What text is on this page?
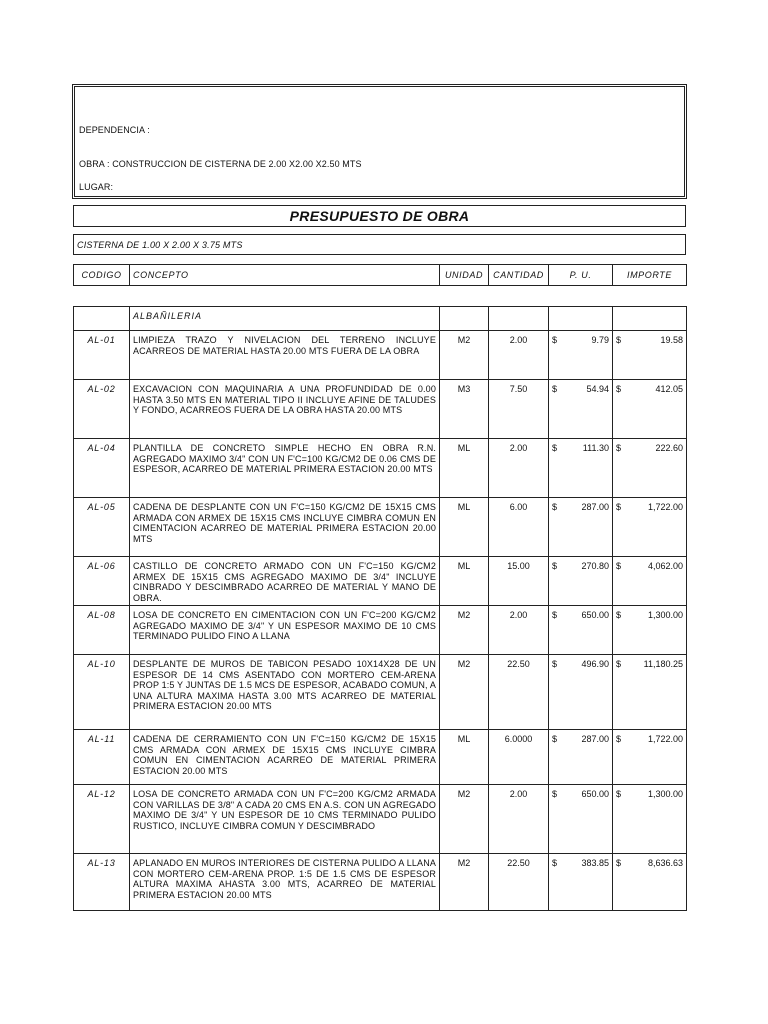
DEPENDENCIA :
OBRA : CONSTRUCCION DE CISTERNA DE 2.00 X2.00 X2.50 MTS
LUGAR:
PRESUPUESTO DE OBRA
CISTERNA DE 1.00 X 2.00 X 3.75 MTS
CODIGO	CONCEPTO	UNIDAD	CANTIDAD	P. U.	IMPORTE
	ALBAÑILERIA				
AL-01	LIMPIEZA TRAZO Y NIVELACION DEL TERRENO INCLUYE ACARREOS DE MATERIAL HASTA 20.00 MTS FUERA DE LA OBRA	M2	2.00	$ 9.79	$ 19.58

AL-02	EXCAVACION CON MAQUINARIA A UNA PROFUNDIDAD DE 0.00 HASTA 3.50 MTS EN MATERIAL TIPO II INCLUYE AFINE DE TALUDES Y FONDO, ACARREOS FUERA DE LA OBRA HASTA 20.00 MTS	M3	7.50	$ 54.94	$ 412.05

AL-04	PLANTILLA DE CONCRETO SIMPLE HECHO EN OBRA R.N. AGREGADO MAXIMO 3/4" CON UN F'C=100 KG/CM2 DE 0.06 CMS DE ESPESOR, ACARREO DE MATERIAL PRIMERA ESTACION 20.00 MTS	ML	2.00	$ 111.30	$ 222.60

AL-05	CADENA DE DESPLANTE CON UN F'C=150 KG/CM2 DE 15X15 CMS ARMADA CON ARMEX DE 15X15 CMS INCLUYE CIMBRA COMUN EN CIMENTACION ACARREO DE MATERIAL PRIMERA ESTACION 20.00 MTS	ML	6.00	$ 287.00	$ 1,722.00

AL-06	CASTILLO DE CONCRETO ARMADO CON UN F'C=150 KG/CM2 ARMEX DE 15X15 CMS AGREGADO MAXIMO DE 3/4" INCLUYE CINBRADO Y DESCIMBRADO ACARREO DE MATERIAL Y MANO DE OBRA.	ML	15.00	$ 270.80	$ 4,062.00

AL-08	LOSA DE CONCRETO EN CIMENTACION CON UN F'C=200 KG/CM2 AGREGADO MAXIMO DE 3/4" Y UN ESPESOR MAXIMO DE 10 CMS TERMINADO PULIDO FINO A LLANA	M2	2.00	$ 650.00	$ 1,300.00

AL-10	DESPLANTE DE MUROS DE TABICON PESADO 10X14X28 DE UN ESPESOR DE 14 CMS ASENTADO CON MORTERO CEM-ARENA PROP 1:5 Y JUNTAS DE 1.5 MCS DE ESPESOR, ACABADO COMUN, A UNA ALTURA MAXIMA HASTA 3.00 MTS ACARREO DE MATERIAL PRIMERA ESTACION 20.00 MTS	M2	22.50	$ 496.90	$ 11,180.25

AL-11	CADENA DE CERRAMIENTO CON UN F'C=150 KG/CM2 DE 15X15 CMS ARMADA CON ARMEX DE 15X15 CMS INCLUYE CIMBRA COMUN EN CIMENTACION ACARREO DE MATERIAL PRIMERA ESTACION 20.00 MTS	ML	6.0000	$ 287.00	$ 1,722.00

AL-12	LOSA DE CONCRETO ARMADA CON UN F'C=200 KG/CM2 ARMADA CON VARILLAS DE 3/8" A CADA 20 CMS EN A.S. CON UN AGREGADO MAXIMO DE 3/4" Y UN ESPESOR DE 10 CMS TERMINADO PULIDO RUSTICO, INCLUYE CIMBRA COMUN Y DESCIMBRADO	M2	2.00	$ 650.00	$ 1,300.00

AL-13	APLANADO EN MUROS INTERIORES DE CISTERNA PULIDO A LLANA CON MORTERO CEM-ARENA PROP. 1:5 DE 1.5 CMS DE ESPESOR ALTURA MAXIMA AHASTA 3.00 MTS, ACARREO DE MATERIAL PRIMERA ESTACION 20.00 MTS	M2	22.50	$ 383.85	$ 8,636.63
